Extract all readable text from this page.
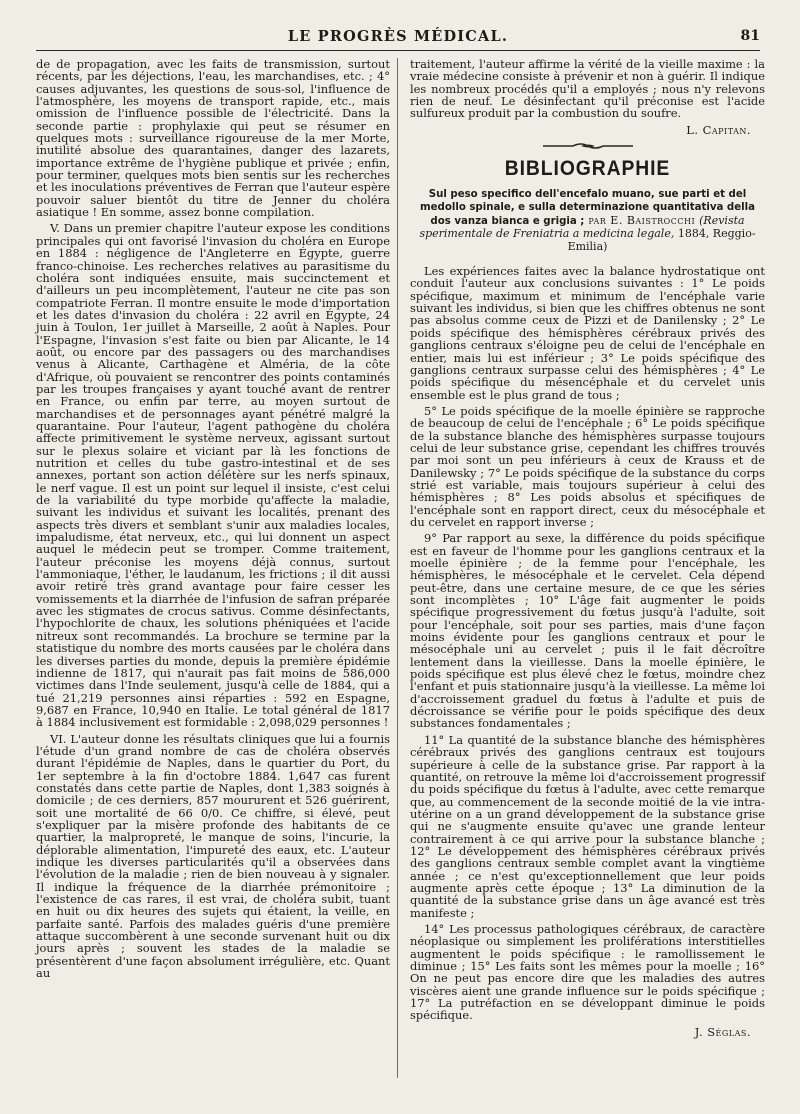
LE PROGRÈS MÉDICAL.	81

de de propagation, avec les faits de transmission, surtout récents, par les déjections, l'eau, les marchandises, etc. ; 4° causes adjuvantes, les questions de sous-sol, l'influence de l'atmosphère, les moyens de transport rapide, etc., mais omission de l'influence possible de l'électricité. Dans la seconde partie : prophylaxie qui peut se résumer en quelques mots : surveillance rigoureuse de la mer Morte, inutilité absolue des quarantaines, danger des lazarets, importance extrême de l'hygiène publique et privée ; enfin, pour terminer, quelques mots bien sentis sur les recherches et les inoculations préventives de Ferran que l'auteur espère pouvoir saluer bientôt du titre de Jenner du choléra asiatique ! En somme, assez bonne compilation.

V. Dans un premier chapitre l'auteur expose les conditions principales qui ont favorisé l'invasion du choléra en Europe en 1884 : négligence de l'Angleterre en Égypte, guerre franco-chinoise. Les recherches relatives au parasitisme du choléra sont indiquées ensuite, mais succinctement et d'ailleurs un peu incomplètement, l'auteur ne cite pas son compatriote Ferran. Il montre ensuite le mode d'importation et les dates d'invasion du choléra : 22 avril en Égypte, 24 juin à Toulon, 1er juillet à Marseille, 2 août à Naples. Pour l'Espagne, l'invasion s'est faite ou bien par Alicante, le 14 août, ou encore par des passagers ou des marchandises venus à Alicante, Carthagène et Alméria, de la côte d'Afrique, où pouvaient se rencontrer des points contaminés par les troupes françaises y ayant touché avant de rentrer en France, ou enfin par terre, au moyen surtout de marchandises et de personnages ayant pénétré malgré la quarantaine. Pour l'auteur, l'agent pathogène du choléra affecte primitivement le système nerveux, agissant surtout sur le plexus solaire et viciant par là les fonctions de nutrition et celles du tube gastro-intestinal et de ses annexes, portant son action délétère sur les nerfs spinaux, le nerf vague. Il est un point sur lequel il insiste, c'est celui de la variabilité du type morbide qu'affecte la maladie, suivant les individus et suivant les localités, prenant des aspects très divers et semblant s'unir aux maladies locales, impaludisme, état nerveux, etc., qui lui donnent un aspect auquel le médecin peut se tromper. Comme traitement, l'auteur préconise les moyens déjà connus, surtout l'ammoniaque, l'éther, le laudanum, les frictions ; il dit aussi avoir retiré très grand avantage pour faire cesser les vomissements et la diarrhée de l'infusion de safran préparée avec les stigmates de crocus sativus. Comme désinfectants, l'hypochlorite de chaux, les solutions phéniquées et l'acide nitreux sont recommandés. La brochure se termine par la statistique du nombre des morts causées par le choléra dans les diverses parties du monde, depuis la première épidémie indienne de 1817, qui n'aurait pas fait moins de 586,000 victimes dans l'Inde seulement, jusqu'à celle de 1884, qui a tué 21,219 personnes ainsi réparties : 592 en Espagne, 9,687 en France, 10,940 en Italie. Le total général de 1817 à 1884 inclusivement est formidable : 2,098,029 personnes !

VI. L'auteur donne les résultats cliniques que lui a fournis l'étude d'un grand nombre de cas de choléra observés durant l'épidémie de Naples, dans le quartier du Port, du 1er septembre à la fin d'octobre 1884. 1,647 cas furent constatés dans cette partie de Naples, dont 1,383 soignés à domicile ; de ces derniers, 857 moururent et 526 guérirent, soit une mortalité de 66 0/0. Ce chiffre, si élevé, peut s'expliquer par la misère profonde des habitants de ce quartier, la malpropreté, le manque de soins, l'incurie, la déplorable alimentation, l'impureté des eaux, etc. L'auteur indique les diverses particularités qu'il a observées dans l'évolution de la maladie ; rien de bien nouveau à y signaler. Il indique la fréquence de la diarrhée prémonitoire ; l'existence de cas rares, il est vrai, de choléra subit, tuant en huit ou dix heures des sujets qui étaient, la veille, en parfaite santé. Parfois des malades guéris d'une première attaque succombèrent à une seconde survenant huit ou dix jours après ; souvent les stades de la maladie se présentèrent d'une façon absolument irrégulière, etc. Quant au

traitement, l'auteur affirme la vérité de la vieille maxime : la vraie médecine consiste à prévenir et non à guérir. Il indique les nombreux procédés qu'il a employés ; nous n'y relevons rien de neuf. Le désinfectant qu'il préconise est l'acide sulfureux produit par la combustion du soufre.

L. Capitan.
BIBLIOGRAPHIE

Sul peso specifico dell'encefalo muano, sue parti et del medollo spinale, e sulla determinazione quantitativa della dos vanza bianca e grigia ; par E. Baistrocchi (Revista sperimentale de Freniatria a medicina legale, 1884, Reggio-Emilia)

Les expériences faites avec la balance hydrostatique ont conduit l'auteur aux conclusions suivantes : 1° Le poids spécifique, maximum et minimum de l'encéphale varie suivant les individus, si bien que les chiffres obtenus ne sont pas absolus comme ceux de Pizzi et de Danilensky ; 2° Le poids spécifique des hémisphères cérébraux privés des ganglions centraux s'éloigne peu de celui de l'encéphale en entier, mais lui est inférieur ; 3° Le poids spécifique des ganglions centraux surpasse celui des hémisphères ; 4° Le poids spécifique du mésencéphale et du cervelet unis ensemble est le plus grand de tous ;

5° Le poids spécifique de la moelle épinière se rapproche de beaucoup de celui de l'encéphale ; 6° Le poids spécifique de la substance blanche des hémisphères surpasse toujours celui de leur substance grise, cependant les chiffres trouvés par moi sont un peu inférieurs à ceux de Krauss et de Danilewsky ; 7° Le poids spécifique de la substance du corps strié est variable, mais toujours supérieur à celui des hémisphères ; 8° Les poids absolus et spécifiques de l'encéphale sont en rapport direct, ceux du mésocéphale et du cervelet en rapport inverse ;

9° Par rapport au sexe, la différence du poids spécifique est en faveur de l'homme pour les ganglions centraux et la moelle épinière ; de la femme pour l'encéphale, les hémisphères, le mésocéphale et le cervelet. Cela dépend peut-être, dans une certaine mesure, de ce que les séries sont incomplètes ; 10° L'âge fait augmenter le poids spécifique progressivement du fœtus jusqu'à l'adulte, soit pour l'encéphale, soit pour ses parties, mais d'une façon moins évidente pour les ganglions centraux et pour le mésocéphale uni au cervelet ; puis il le fait décroître lentement dans la vieillesse. Dans la moelle épinière, le poids spécifique est plus élevé chez le fœtus, moindre chez l'enfant et puis stationnaire jusqu'à la vieillesse. La même loi d'accroissement graduel du fœtus à l'adulte et puis de décroissance se vérifie pour le poids spécifique des deux substances fondamentales ;

11° La quantité de la substance blanche des hémisphères cérébraux privés des ganglions centraux est toujours supérieure à celle de la substance grise. Par rapport à la quantité, on retrouve la même loi d'accroissement progressif du poids spécifique du fœtus à l'adulte, avec cette remarque que, au commencement de la seconde moitié de la vie intra-utérine on a un grand développement de la substance grise qui ne s'augmente ensuite qu'avec une grande lenteur contrairement à ce qui arrive pour la substance blanche ; 12° Le développement des hémisphères cérébraux privés des ganglions centraux semble complet avant la vingtième année ; ce n'est qu'exceptionnellement que leur poids augmente après cette époque ; 13° La diminution de la quantité de la substance grise dans un âge avancé est très manifeste ;

14° Les processus pathologiques cérébraux, de caractère néoplasique ou simplement les proliférations interstitielles augmentent le poids spécifique : le ramollissement le diminue ; 15° Les faits sont les mêmes pour la moelle ; 16° On ne peut pas encore dire que les maladies des autres viscères aient une grande influence sur le poids spécifique ; 17° La putréfaction en se développant diminue le poids spécifique.

J. Séglas.
